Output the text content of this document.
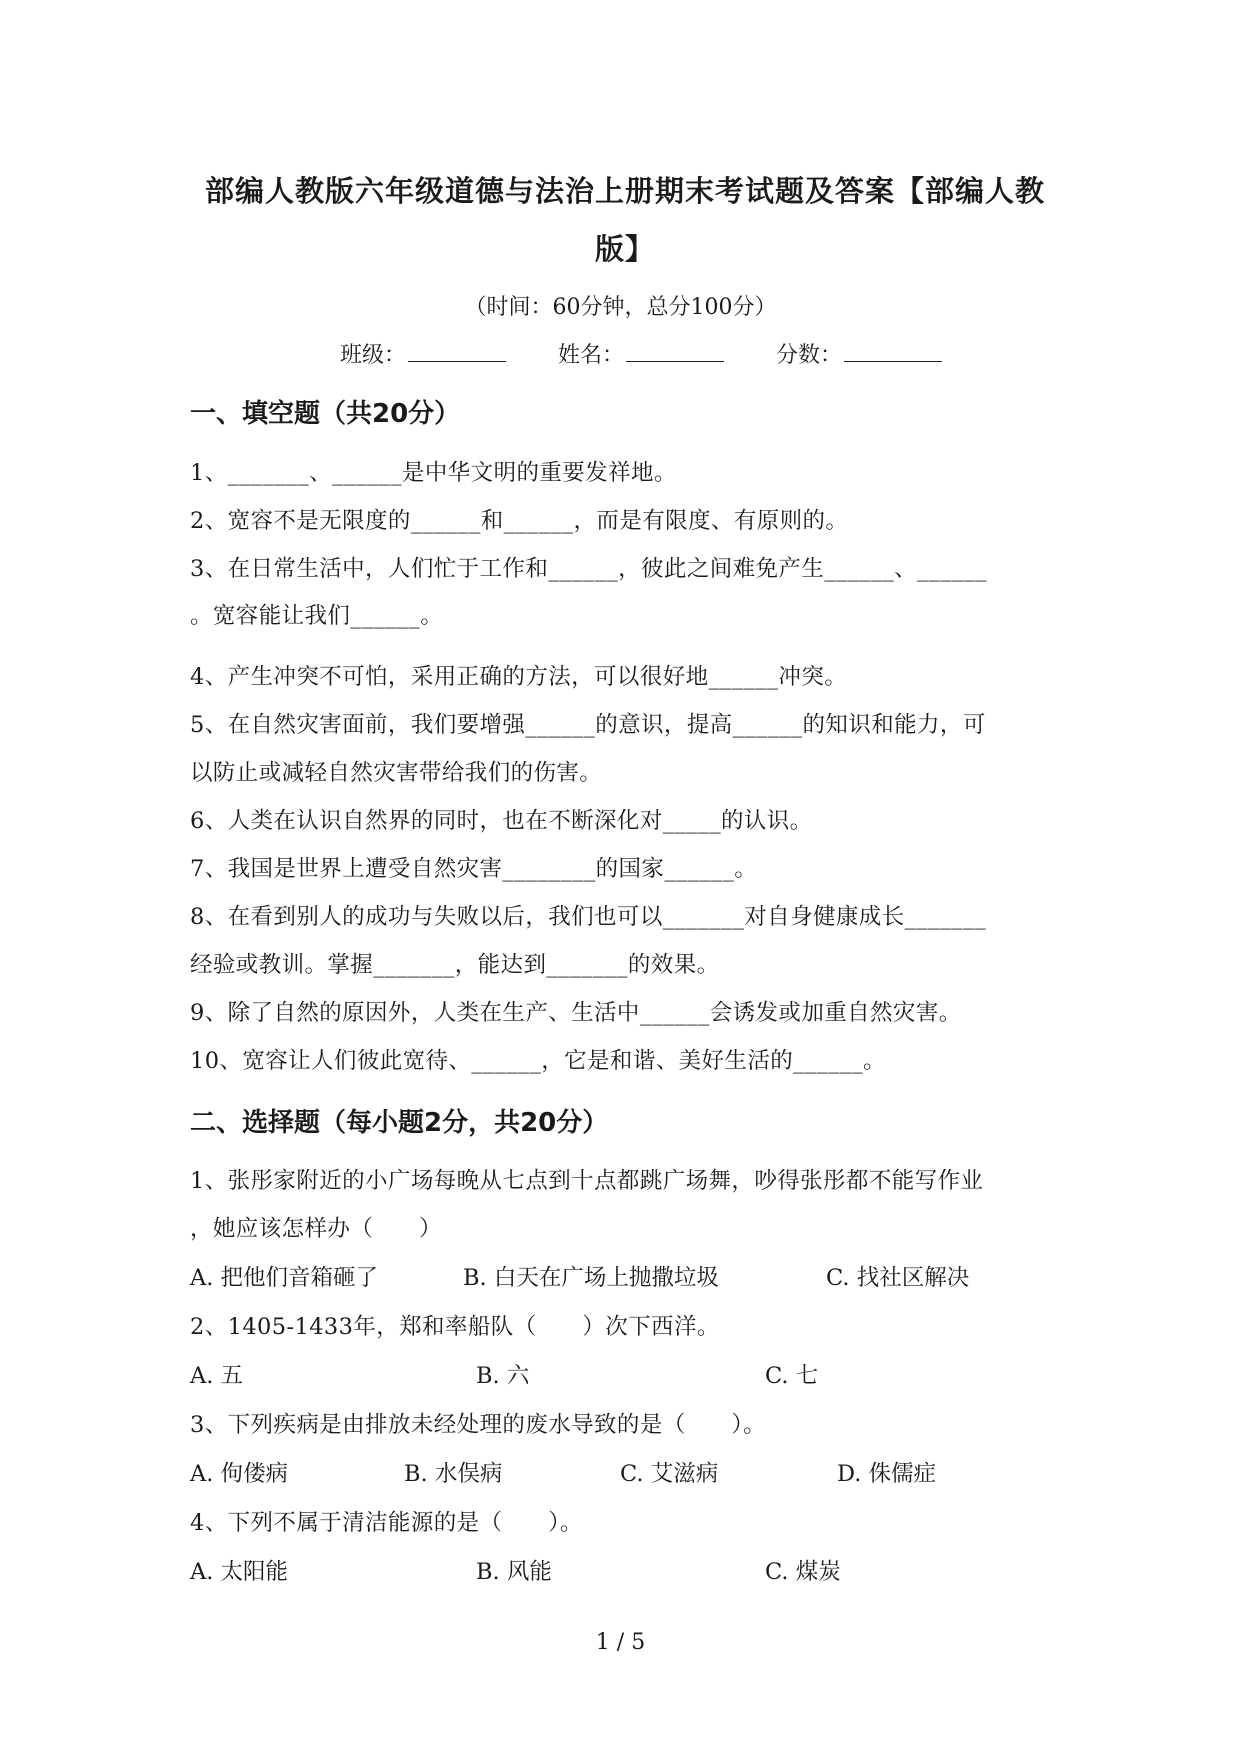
部编人教版六年级道德与法治上册期末考试题及答案【部编人教版】
（时间：60分钟，总分100分）
班级：	姓名：	分数：
一、填空题（共20分）
1、_______、______是中华文明的重要发祥地。
2、宽容不是无限度的______和______，而是有限度、有原则的。
3、在日常生活中，人们忙于工作和______，彼此之间难免产生______、______
。宽容能让我们______。
4、产生冲突不可怕，采用正确的方法，可以很好地______冲突。
5、在自然灾害面前，我们要增强______的意识，提高______的知识和能力，可
以防止或减轻自然灾害带给我们的伤害。
6、人类在认识自然界的同时，也在不断深化对_____的认识。
7、我国是世界上遭受自然灾害________的国家______。
8、在看到别人的成功与失败以后，我们也可以_______对自身健康成长_______
经验或教训。掌握_______，能达到_______的效果。
9、除了自然的原因外，人类在生产、生活中______会诱发或加重自然灾害。
10、宽容让人们彼此宽待、______，它是和谐、美好生活的______。
二、选择题（每小题2分，共20分）
1、张彤家附近的小广场每晚从七点到十点都跳广场舞，吵得张彤都不能写作业
，她应该怎样办（　　）
A. 把他们音箱砸了	B. 白天在广场上抛撒垃圾	C. 找社区解决
2、1405-1433年，郑和率船队（　　）次下西洋。
A. 五	B. 六	C. 七
3、下列疾病是由排放未经处理的废水导致的是（　　）。
A. 佝偻病	B. 水俣病	C. 艾滋病	D. 侏儒症
4、下列不属于清洁能源的是（　　）。
A. 太阳能	B. 风能	C. 煤炭
1 / 5
